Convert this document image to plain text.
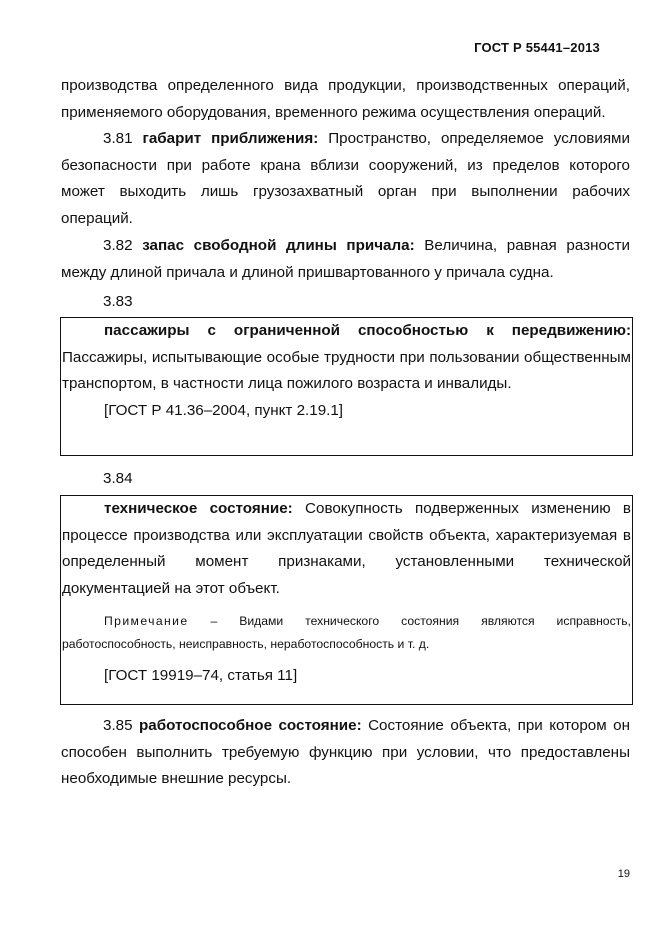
ГОСТ Р 55441–2013
производства определенного вида продукции, производственных операций, применяемого оборудования, временного режима осуществления операций.
3.81 габарит приближения: Пространство, определяемое условиями безопасности при работе крана вблизи сооружений, из пределов которого может выходить лишь грузозахватный орган при выполнении рабочих операций.
3.82 запас свободной длины причала: Величина, равная разности между длиной причала и длиной пришвартованного у причала судна.
3.83
пассажиры с ограниченной способностью к передвижению: Пассажиры, испытывающие особые трудности при пользовании общественным транспортом, в частности лица пожилого возраста и инвалиды.
[ГОСТ Р 41.36–2004, пункт 2.19.1]
3.84
техническое состояние: Совокупность подверженных изменению в процессе производства или эксплуатации свойств объекта, характеризуемая в определенный момент признаками, установленными технической документацией на этот объект.
Примечание – Видами технического состояния являются исправность, работоспособность, неисправность, неработоспособность и т. д.
[ГОСТ 19919–74, статья 11]
3.85 работоспособное состояние: Состояние объекта, при котором он способен выполнить требуемую функцию при условии, что предоставлены необходимые внешние ресурсы.
19
